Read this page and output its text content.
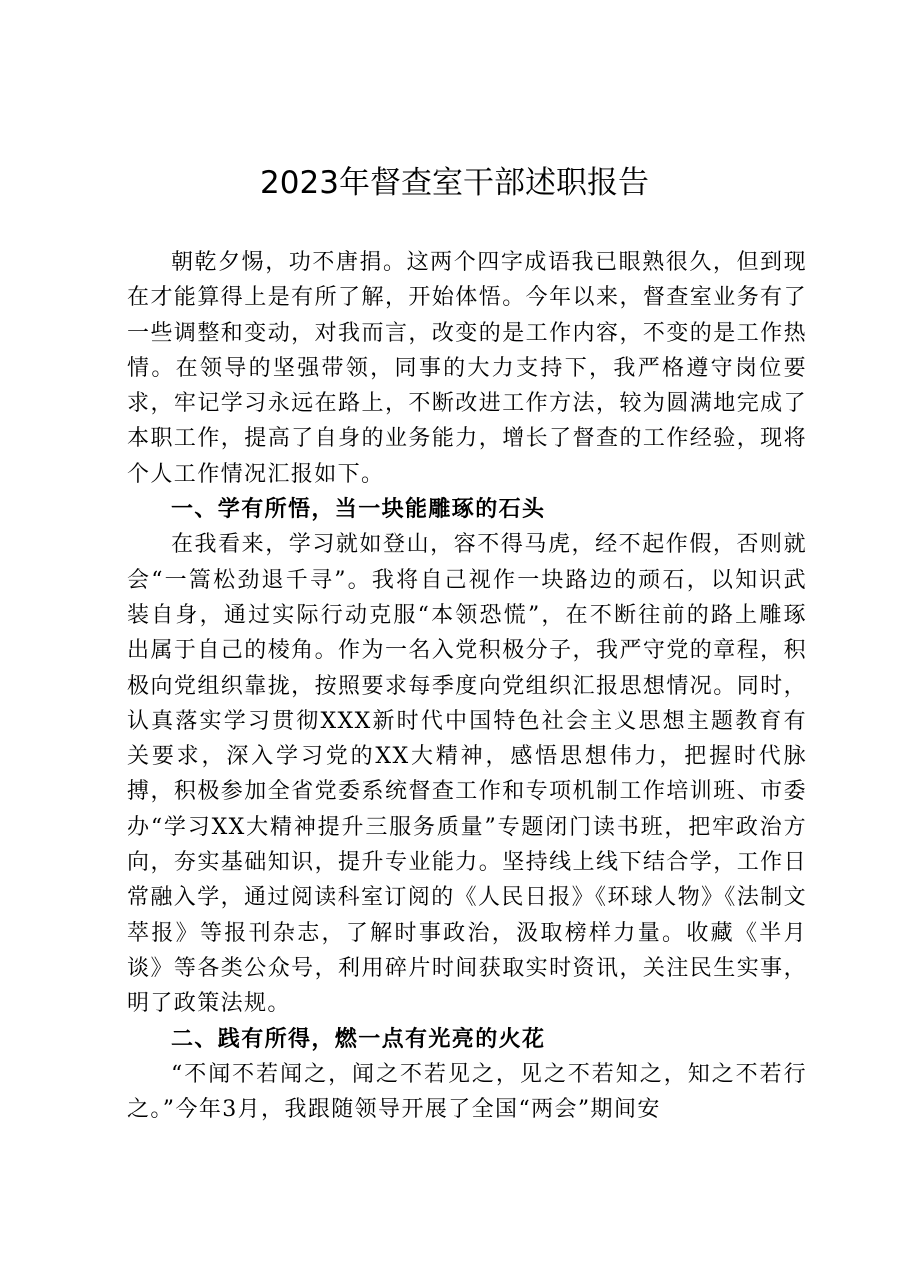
2023年督查室干部述职报告

朝乾夕惕，功不唐捐。这两个四字成语我已眼熟很久，但到现在才能算得上是有所了解，开始体悟。今年以来，督查室业务有了一些调整和变动，对我而言，改变的是工作内容，不变的是工作热情。在领导的坚强带领，同事的大力支持下，我严格遵守岗位要求，牢记学习永远在路上，不断改进工作方法，较为圆满地完成了本职工作，提高了自身的业务能力，增长了督查的工作经验，现将个人工作情况汇报如下。

一、学有所悟，当一块能雕琢的石头

在我看来，学习就如登山，容不得马虎，经不起作假，否则就会“一篙松劲退千寻”。我将自己视作一块路边的顽石，以知识武装自身，通过实际行动克服“本领恐慌”，在不断往前的路上雕琢出属于自己的棱角。作为一名入党积极分子，我严守党的章程，积极向党组织靠拢，按照要求每季度向党组织汇报思想情况。同时，认真落实学习贯彻XXX新时代中国特色社会主义思想主题教育有关要求，深入学习党的XX大精神，感悟思想伟力，把握时代脉搏，积极参加全省党委系统督查工作和专项机制工作培训班、市委办“学习XX大精神提升三服务质量”专题闭门读书班，把牢政治方向，夯实基础知识，提升专业能力。坚持线上线下结合学，工作日常融入学，通过阅读科室订阅的《人民日报》《环球人物》《法制文萃报》等报刊杂志，了解时事政治，汲取榜样力量。收藏《半月谈》等各类公众号，利用碎片时间获取实时资讯，关注民生实事，明了政策法规。

二、践有所得，燃一点有光亮的火花

“不闻不若闻之，闻之不若见之，见之不若知之，知之不若行之。”今年3月，我跟随领导开展了全国“两会”期间安
